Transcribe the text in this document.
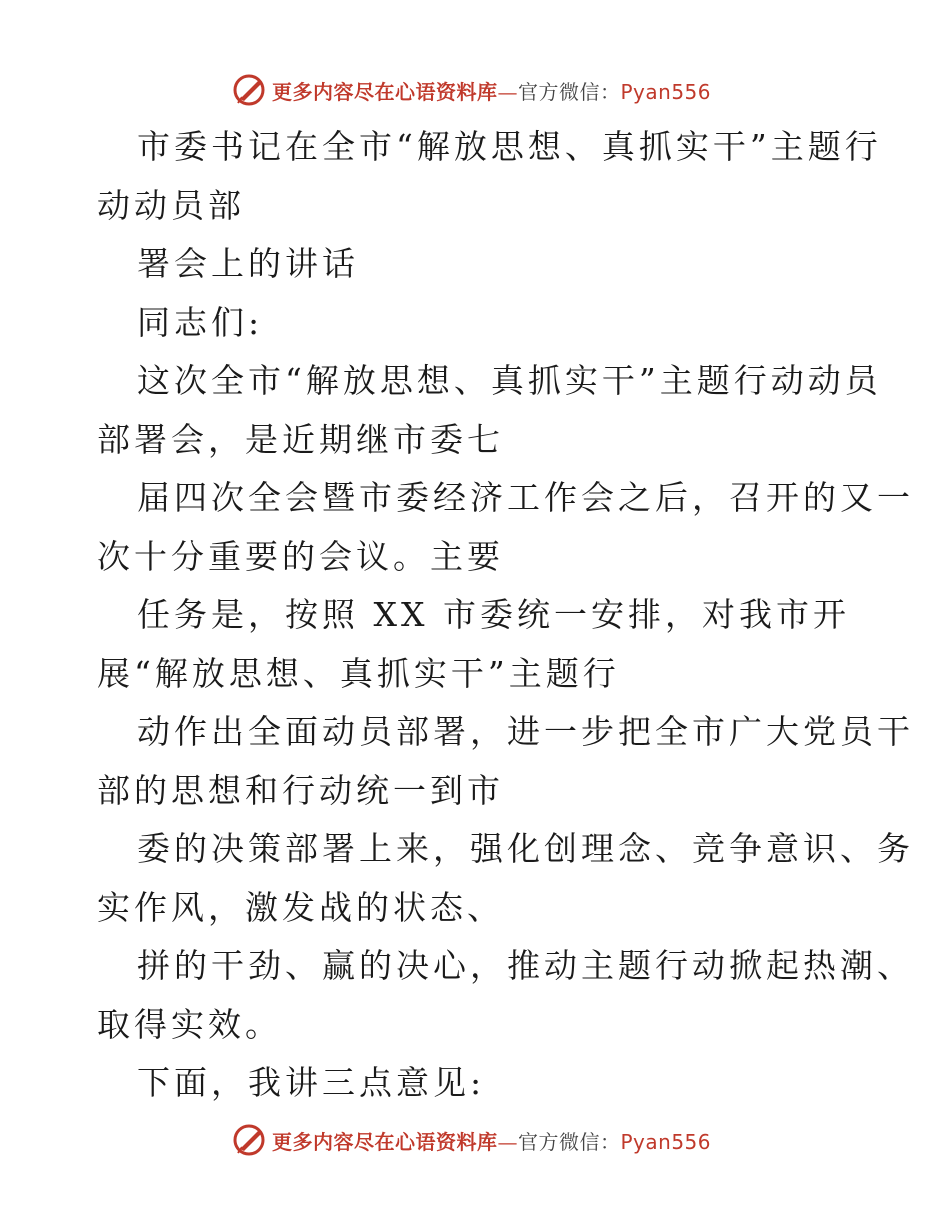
更多内容尽在心语资料库—官方微信：Pyan556
市委书记在全市“解放思想、真抓实干”主题行
动动员部
署会上的讲话
同志们:
这次全市“解放思想、真抓实干”主题行动动员
部署会，是近期继市委七
届四次全会暨市委经济工作会之后，召开的又一
次十分重要的会议。主要
任务是，按照 XX 市委统一安排，对我市开
展“解放思想、真抓实干”主题行
动作出全面动员部署，进一步把全市广大党员干
部的思想和行动统一到市
委的决策部署上来，强化创理念、竞争意识、务
实作风，激发战的状态、
拼的干劲、赢的决心，推动主题行动掀起热潮、
取得实效。
下面，我讲三点意见:
更多内容尽在心语资料库—官方微信：Pyan556
